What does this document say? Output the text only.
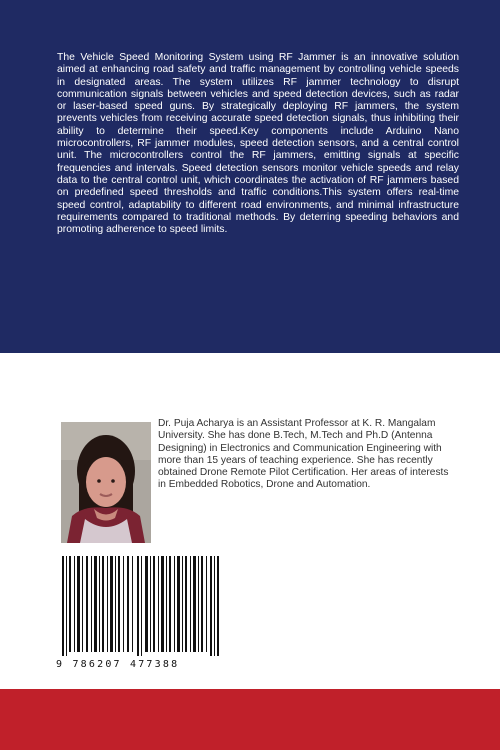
The Vehicle Speed Monitoring System using RF Jammer is an innovative solution aimed at enhancing road safety and traffic management by controlling vehicle speeds in designated areas. The system utilizes RF jammer technology to disrupt communication signals between vehicles and speed detection devices, such as radar or laser-based speed guns. By strategically deploying RF jammers, the system prevents vehicles from receiving accurate speed detection signals, thus inhibiting their ability to determine their speed.Key components include Arduino Nano microcontrollers, RF jammer modules, speed detection sensors, and a central control unit. The microcontrollers control the RF jammers, emitting signals at specific frequencies and intervals. Speed detection sensors monitor vehicle speeds and relay data to the central control unit, which coordinates the activation of RF jammers based on predefined speed thresholds and traffic conditions.This system offers real-time speed control, adaptability to different road environments, and minimal infrastructure requirements compared to traditional methods. By deterring speeding behaviors and promoting adherence to speed limits.

Dr. Puja Acharya is an Assistant Professor at K. R. Mangalam University. She has done B.Tech, M.Tech and Ph.D (Antenna Designing) in Electronics and Communication Engineering with more than 15 years of teaching experience. She has recently obtained Drone Remote Pilot Certification. Her areas of interests in Embedded Robotics, Drone and Automation.

9 786207 477388
